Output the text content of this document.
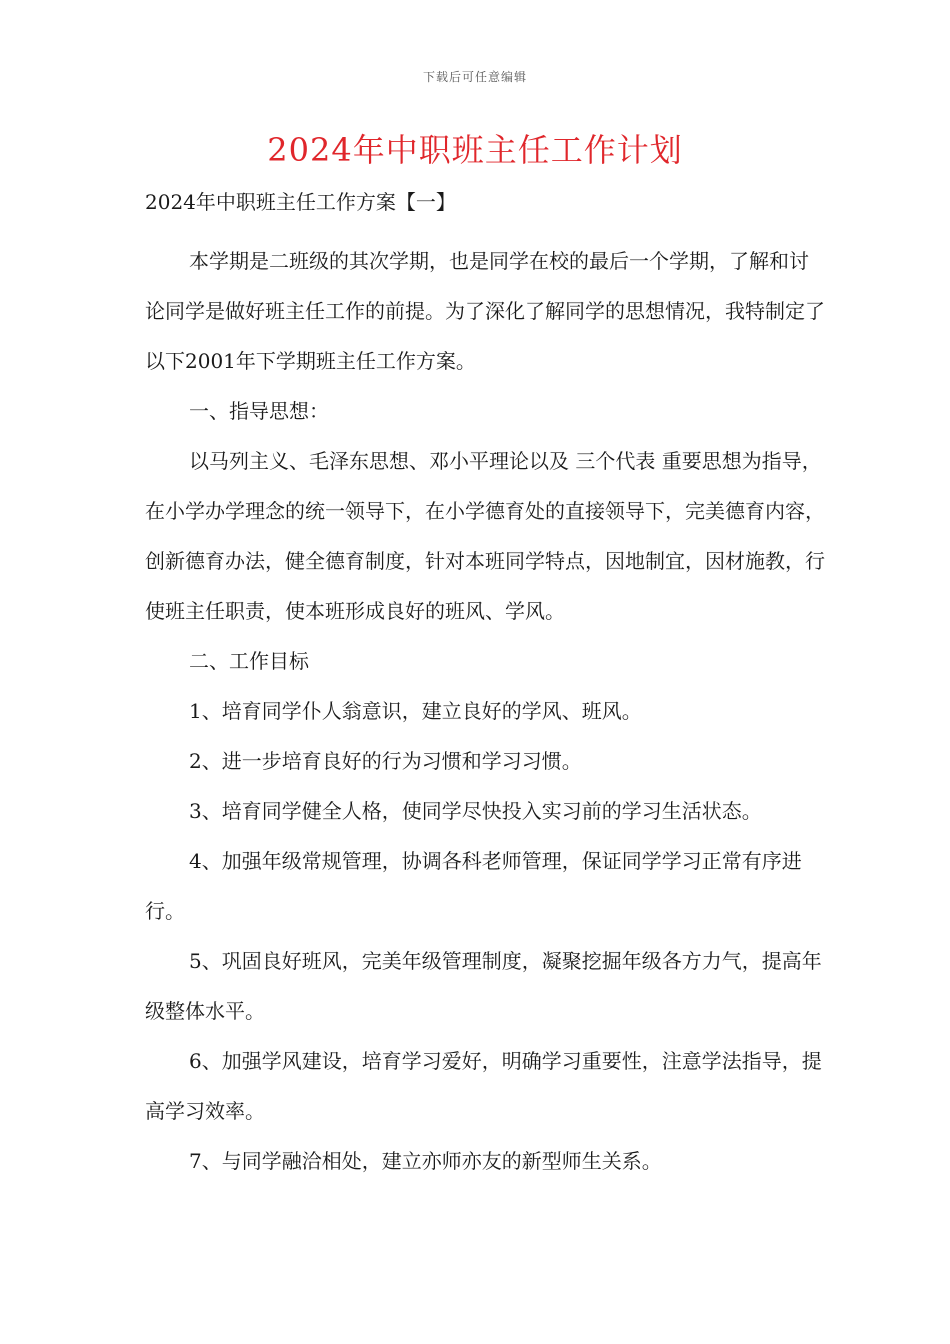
下载后可任意编辑
2024年中职班主任工作计划

2024年中职班主任工作方案【一】

本学期是二班级的其次学期，也是同学在校的最后一个学期，了解和讨论同学是做好班主任工作的前提。为了深化了解同学的思想情况，我特制定了以下2001年下学期班主任工作方案。

一、指导思想：

以马列主义、毛泽东思想、邓小平理论以及 三个代表 重要思想为指导，在小学办学理念的统一领导下，在小学德育处的直接领导下，完美德育内容，创新德育办法，健全德育制度，针对本班同学特点，因地制宜，因材施教，行使班主任职责，使本班形成良好的班风、学风。

二、工作目标

1、培育同学仆人翁意识，建立良好的学风、班风。

2、进一步培育良好的行为习惯和学习习惯。

3、培育同学健全人格，使同学尽快投入实习前的学习生活状态。

4、加强年级常规管理，协调各科老师管理，保证同学学习正常有序进行。

5、巩固良好班风，完美年级管理制度，凝聚挖掘年级各方力气，提高年级整体水平。

6、加强学风建设，培育学习爱好，明确学习重要性，注意学法指导，提高学习效率。

7、与同学融洽相处，建立亦师亦友的新型师生关系。
